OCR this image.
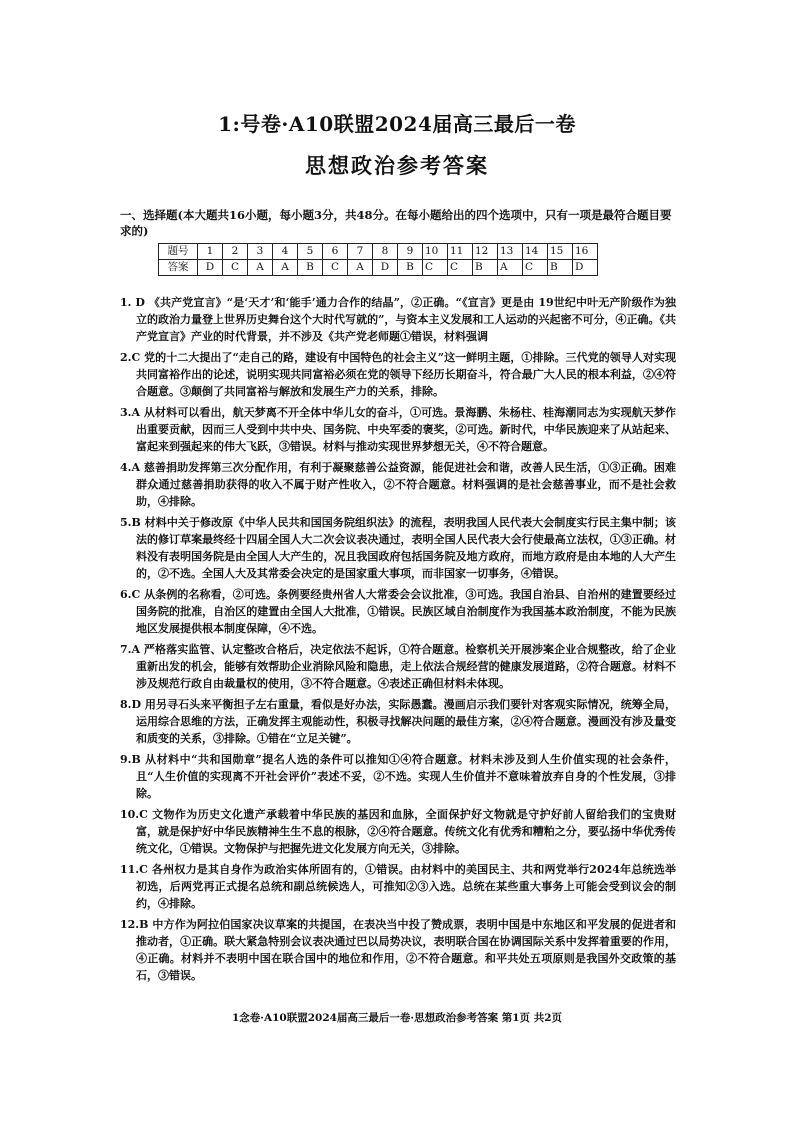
1:号卷·A10联盟2024届高三最后一卷
思想政治参考答案
一、选择题(本大题共16小题，每小题3分，共48分。在每小题给出的四个选项中，只有一项是最符合题目要求的)
题号	1	2	3	4	5	6	7	8	9	10	11	12	13	14	15	16
答案	D	C	A	A	B	C	A	D	B	C	C	B	A	C	B	D
1. D 《共产党宣言》“是‘天才’和‘能手’通力合作的结晶”，②正确。“《宣言》更是由 19世纪中叶无产阶级作为独立的政治力量登上世界历史舞台这个大时代写就的”，与资本主义发展和工人运动的兴起密不可分，④正确。《共产党宣言》产业的时代背景，并不涉及《共产党老师题①错误，材料强调
2.C 党的十二大提出了“走自己的路，建设有中国特色的社会主义”这一鲜明主题，①排除。三代党的领导人对实现共同富裕作出的论述，说明实现共同富裕必须在党的领导下经历长期奋斗，符合最广大人民的根本利益，②④符合题意。③颠倒了共同富裕与解放和发展生产力的关系，排除。
3.A 从材料可以看出，航天梦离不开全体中华儿女的奋斗，①可选。景海鹏、朱杨柱、桂海潮同志为实现航天梦作出重要贡献，因而三人受到中共中央、国务院、中央军委的褒奖，②可选。新时代，中华民族迎来了从站起来、富起来到强起来的伟大飞跃，③错误。材料与推动实现世界梦想无关，④不符合题意。
4.A 慈善捐助发挥第三次分配作用，有利于凝聚慈善公益资源，能促进社会和谐，改善人民生活，①③正确。困难群众通过慈善捐助获得的收入不属于财产性收入，②不符合题意。材料强调的是社会慈善事业，而不是社会救助，④排除。
5.B 材料中关于修改原《中华人民共和国国务院组织法》的流程，表明我国人民代表大会制度实行民主集中制；该法的修订草案最终经十四届全国人大二次会议表决通过，表明全国人民代表大会行使最高立法权，①③正确。材料没有表明国务院是由全国人大产生的，况且我国政府包括国务院及地方政府，而地方政府是由本地的人大产生的，②不选。全国人大及其常委会决定的是国家重大事项，而非国家一切事务，④错误。
6.C 从条例的名称看，②可选。条例要经贵州省人大常委会会议批准，③可选。我国自治县、自治州的建置要经过国务院的批准，自治区的建置由全国人大批准，①错误。民族区域自治制度作为我国基本政治制度，不能为民族地区发展提供根本制度保障，④不选。
7.A 严格落实监管、认定整改合格后，决定依法不起诉，①符合题意。检察机关开展涉案企业合规整改，给了企业重新出发的机会，能够有效帮助企业消除风险和隐患，走上依法合规经营的健康发展道路，②符合题意。材料不涉及规范行政自由裁量权的使用，③不符合题意。④表述正确但材料未体现。
8.D 用另寻石头来平衡担子左右重量，看似是好办法，实际愚蠢。漫画启示我们要针对客观实际情况，统筹全局，运用综合思维的方法，正确发挥主观能动性，积极寻找解决问题的最佳方案，②④符合题意。漫画没有涉及量变和质变的关系，③排除。①错在“立足关键”。
9.B 从材料中“共和国勋章”提名人选的条件可以推知①④符合题意。材料未涉及到人生价值实现的社会条件，且“人生价值的实现离不开社会评价”表述不妥，②不选。实现人生价值并不意味着放弃自身的个性发展，③排除。
10.C 文物作为历史文化遗产承载着中华民族的基因和血脉，全面保护好文物就是守护好前人留给我们的宝贵财富，就是保护好中华民族精神生生不息的根脉，②④符合题意。传统文化有优秀和糟粕之分，要弘扬中华优秀传统文化，①错误。文物保护与把握先进文化发展方向无关，③排除。
11.C 各州权力是其自身作为政治实体所固有的，①错误。由材料中的美国民主、共和两党举行2024年总统选举初选，后两党再正式提名总统和副总统候选人，可推知②③入选。总统在某些重大事务上可能会受到议会的制约，④排除。
12.B 中方作为阿拉伯国家决议草案的共提国，在表决当中投了赞成票，表明中国是中东地区和平发展的促进者和推动者，①正确。联大紧急特别会议表决通过巴以局势决议，表明联合国在协调国际关系中发挥着重要的作用，④正确。材料并不表明中国在联合国中的地位和作用，②不符合题意。和平共处五项原则是我国外交政策的基石，③错误。
1念卷·A10联盟2024届高三最后一卷·思想政治参考答案 第1页 共2页
